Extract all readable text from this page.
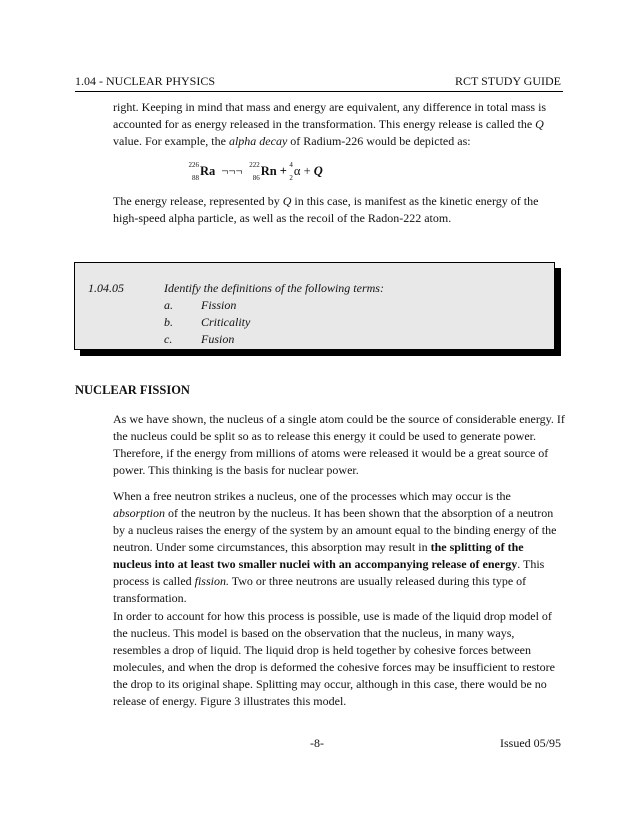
1.04 - NUCLEAR PHYSICS	RCT STUDY GUIDE

right. Keeping in mind that mass and energy are equivalent, any difference in total mass is accounted for as energy released in the transformation. This energy release is called the Q value. For example, the alpha decay of Radium-226 would be depicted as:

226
88
Ra ¬¬¬ 222
86
Rn + 4
2
α + Q

The energy release, represented by Q in this case, is manifest as the kinetic energy of the high-speed alpha particle, as well as the recoil of the Radon-222 atom.

1.04.05	Identify the definitions of the following terms:
a. Fission
b. Criticality
c. Fusion
NUCLEAR FISSION

As we have shown, the nucleus of a single atom could be the source of considerable energy. If the nucleus could be split so as to release this energy it could be used to generate power. Therefore, if the energy from millions of atoms were released it would be a great source of power. This thinking is the basis for nuclear power.

When a free neutron strikes a nucleus, one of the processes which may occur is the absorption of the neutron by the nucleus. It has been shown that the absorption of a neutron by a nucleus raises the energy of the system by an amount equal to the binding energy of the neutron. Under some circumstances, this absorption may result in the splitting of the nucleus into at least two smaller nuclei with an accompanying release of energy. This process is called fission. Two or three neutrons are usually released during this type of transformation.

In order to account for how this process is possible, use is made of the liquid drop model of the nucleus. This model is based on the observation that the nucleus, in many ways, resembles a drop of liquid. The liquid drop is held together by cohesive forces between molecules, and when the drop is deformed the cohesive forces may be insufficient to restore the drop to its original shape. Splitting may occur, although in this case, there would be no release of energy. Figure 3 illustrates this model.

-8-	Issued 05/95
